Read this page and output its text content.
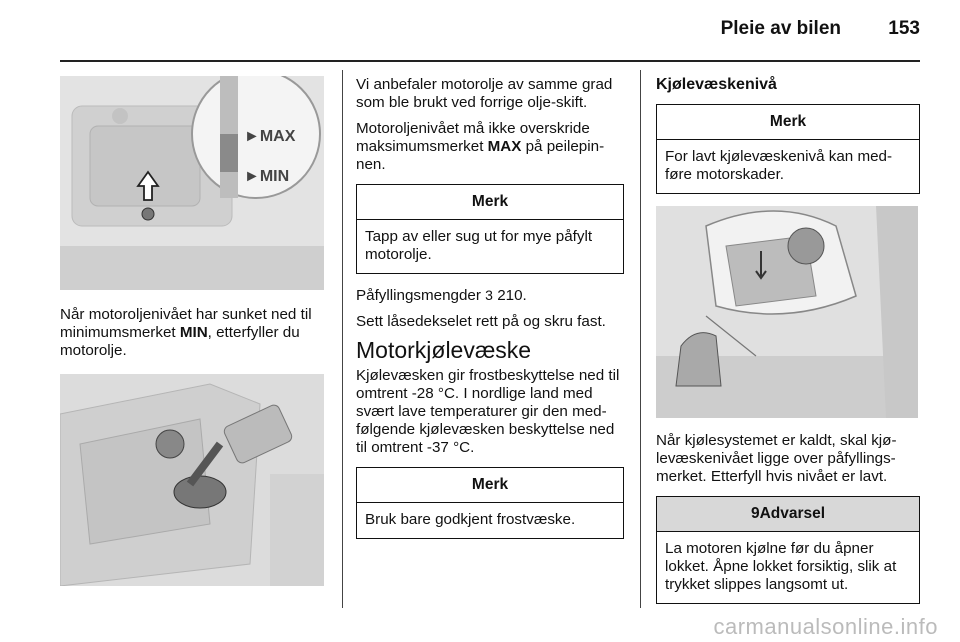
Pleie av bilen 153
►MAX
►MIN

Når motoroljenivået har sunket ned til minimumsmerket MIN, etterfyller du motorolje.

Vi anbefaler motorolje av samme grad som ble brukt ved forrige olje-skift.

Motoroljenivået må ikke overskride maksimumsmerket MAX på peilepin-nen.

Merk
Tapp av eller sug ut for mye påfylt motorolje.

Påfyllingsmengder 3 210.

Sett låsedekselet rett på og skru fast.

Motorkjølevæske

Kjølevæsken gir frostbeskyttelse ned til omtrent -28 °C. I nordlige land med svært lave temperaturer gir den med-følgende kjølevæsken beskyttelse ned til omtrent -37 °C.

Merk
Bruk bare godkjent frostvæske.
Kjølevæskenivå
Merk
For lavt kjølevæskenivå kan med-føre motorskader.

Når kjølesystemet er kaldt, skal kjø-levæskenivået ligge over påfyllings-merket. Etterfyll hvis nivået er lavt.

9Advarsel
La motoren kjølne før du åpner lokket. Åpne lokket forsiktig, slik at trykket slippes langsomt ut.
carmanualsonline.info
